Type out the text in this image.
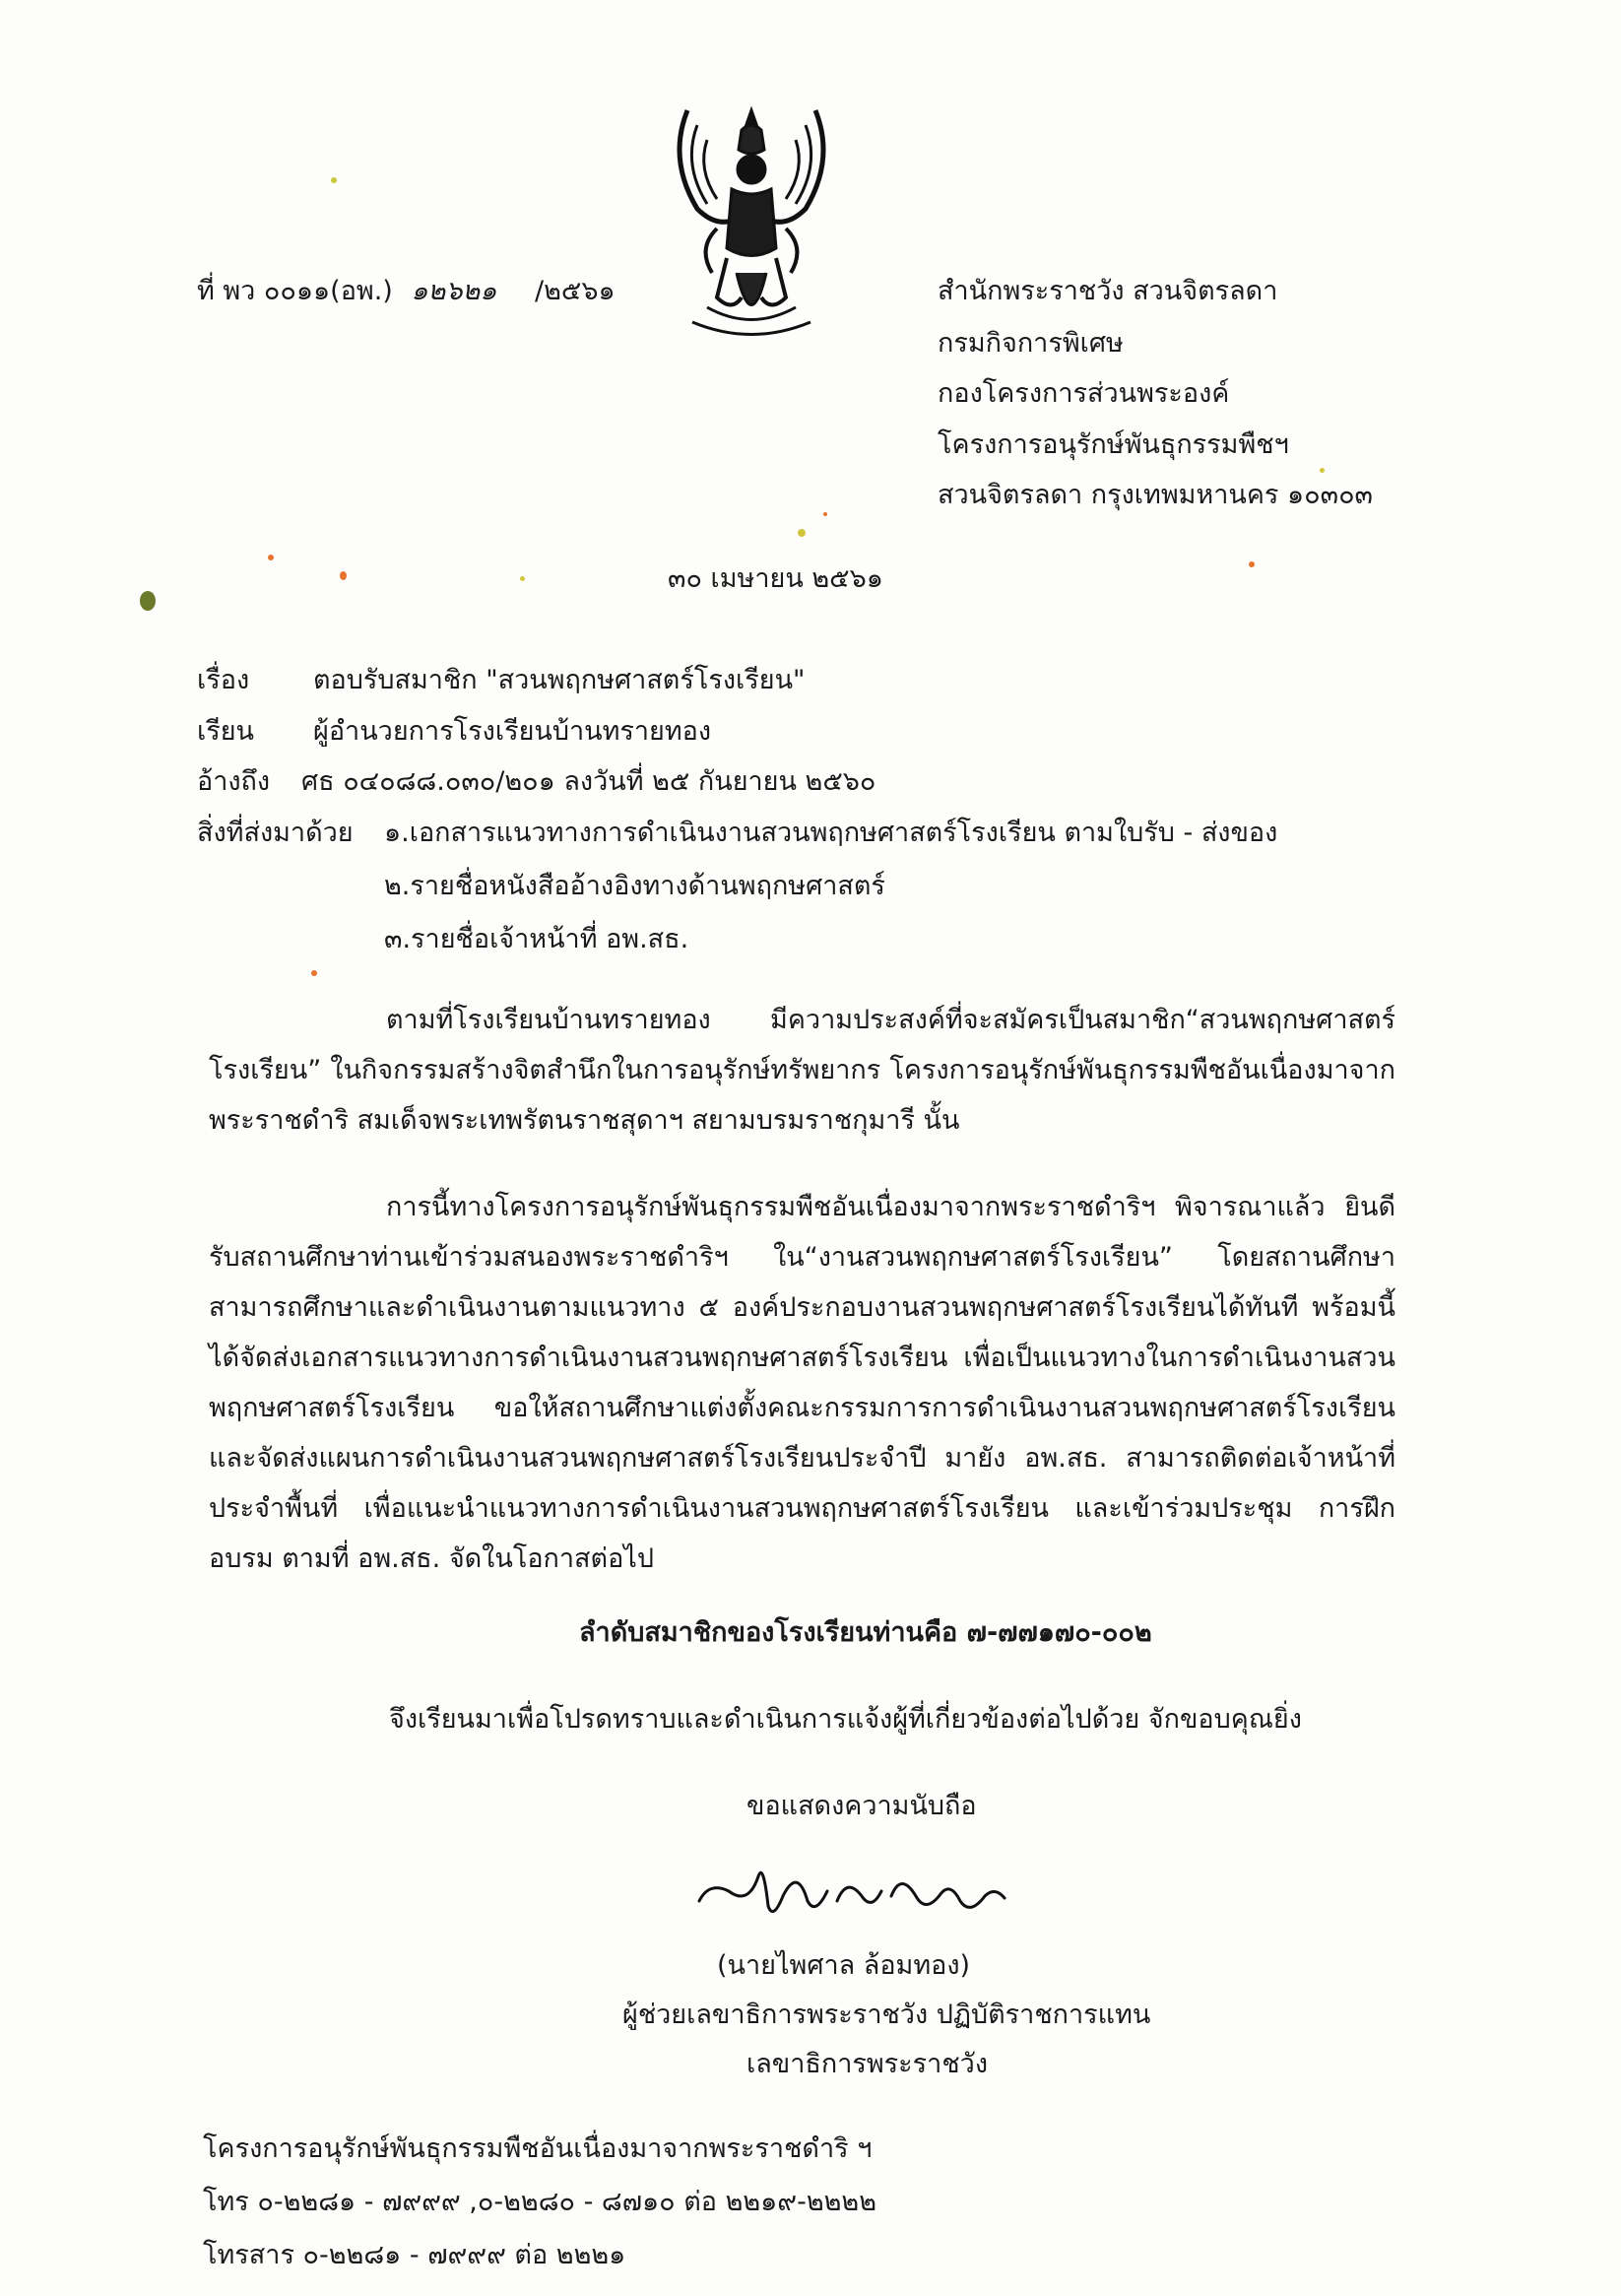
ที่ พว ๐๐๑๑(อพ.) ๑๒๖๒๑ /๒๕๖๑	สำนักพระราชวัง สวนจิตรลดา
กรมกิจการพิเศษ
กองโครงการส่วนพระองค์
โครงการอนุรักษ์พันธุกรรมพืชฯ
สวนจิตรลดา กรุงเทพมหานคร ๑๐๓๐๓
๓๐ เมษายน ๒๕๖๑
เรื่อง ตอบรับสมาชิก "สวนพฤกษศาสตร์โรงเรียน"
เรียน ผู้อำนวยการโรงเรียนบ้านทรายทอง
อ้างถึง ศธ ๐๔๐๘๘.๐๓๐/๒๐๑ ลงวันที่ ๒๕ กันยายน ๒๕๖๐
สิ่งที่ส่งมาด้วย ๑.เอกสารแนวทางการดำเนินงานสวนพฤกษศาสตร์โรงเรียน ตามใบรับ - ส่งของ
๒.รายชื่อหนังสืออ้างอิงทางด้านพฤกษศาสตร์
๓.รายชื่อเจ้าหน้าที่ อพ.สธ.
ตามที่โรงเรียนบ้านทรายทอง มีความประสงค์ที่จะสมัครเป็นสมาชิก“สวนพฤกษศาสตร์โรงเรียน” ในกิจกรรมสร้างจิตสำนึกในการอนุรักษ์ทรัพยากร โครงการอนุรักษ์พันธุกรรมพืชอันเนื่องมาจากพระราชดำริ สมเด็จพระเทพรัตนราชสุดาฯ สยามบรมราชกุมารี นั้น
การนี้ทางโครงการอนุรักษ์พันธุกรรมพืชอันเนื่องมาจากพระราชดำริฯ พิจารณาแล้ว ยินดีรับสถานศึกษาท่านเข้าร่วมสนองพระราชดำริฯ ใน“งานสวนพฤกษศาสตร์โรงเรียน” โดยสถานศึกษาสามารถศึกษาและดำเนินงานตามแนวทาง ๕ องค์ประกอบงานสวนพฤกษศาสตร์โรงเรียนได้ทันที พร้อมนี้ได้จัดส่งเอกสารแนวทางการดำเนินงานสวนพฤกษศาสตร์โรงเรียน เพื่อเป็นแนวทางในการดำเนินงานสวนพฤกษศาสตร์โรงเรียน ขอให้สถานศึกษาแต่งตั้งคณะกรรมการการดำเนินงานสวนพฤกษศาสตร์โรงเรียน และจัดส่งแผนการดำเนินงานสวนพฤกษศาสตร์โรงเรียนประจำปี มายัง อพ.สธ. สามารถติดต่อเจ้าหน้าที่ ประจำพื้นที่ เพื่อแนะนำแนวทางการดำเนินงานสวนพฤกษศาสตร์โรงเรียน และเข้าร่วมประชุม การฝึกอบรม ตามที่ อพ.สธ. จัดในโอกาสต่อไป
ลำดับสมาชิกของโรงเรียนท่านคือ ๗-๗๗๑๗๐-๐๐๒
จึงเรียนมาเพื่อโปรดทราบและดำเนินการแจ้งผู้ที่เกี่ยวข้องต่อไปด้วย จักขอบคุณยิ่ง
ขอแสดงความนับถือ
(นายไพศาล ล้อมทอง)
ผู้ช่วยเลขาธิการพระราชวัง ปฏิบัติราชการแทน
เลขาธิการพระราชวัง
โครงการอนุรักษ์พันธุกรรมพืชอันเนื่องมาจากพระราชดำริ ฯ
โทร ๐-๒๒๘๑ - ๗๙๙๙ ,๐-๒๒๘๐ - ๘๗๑๐ ต่อ ๒๒๑๙-๒๒๒๒
โทรสาร ๐-๒๒๘๑ - ๗๙๙๙ ต่อ ๒๒๒๑
